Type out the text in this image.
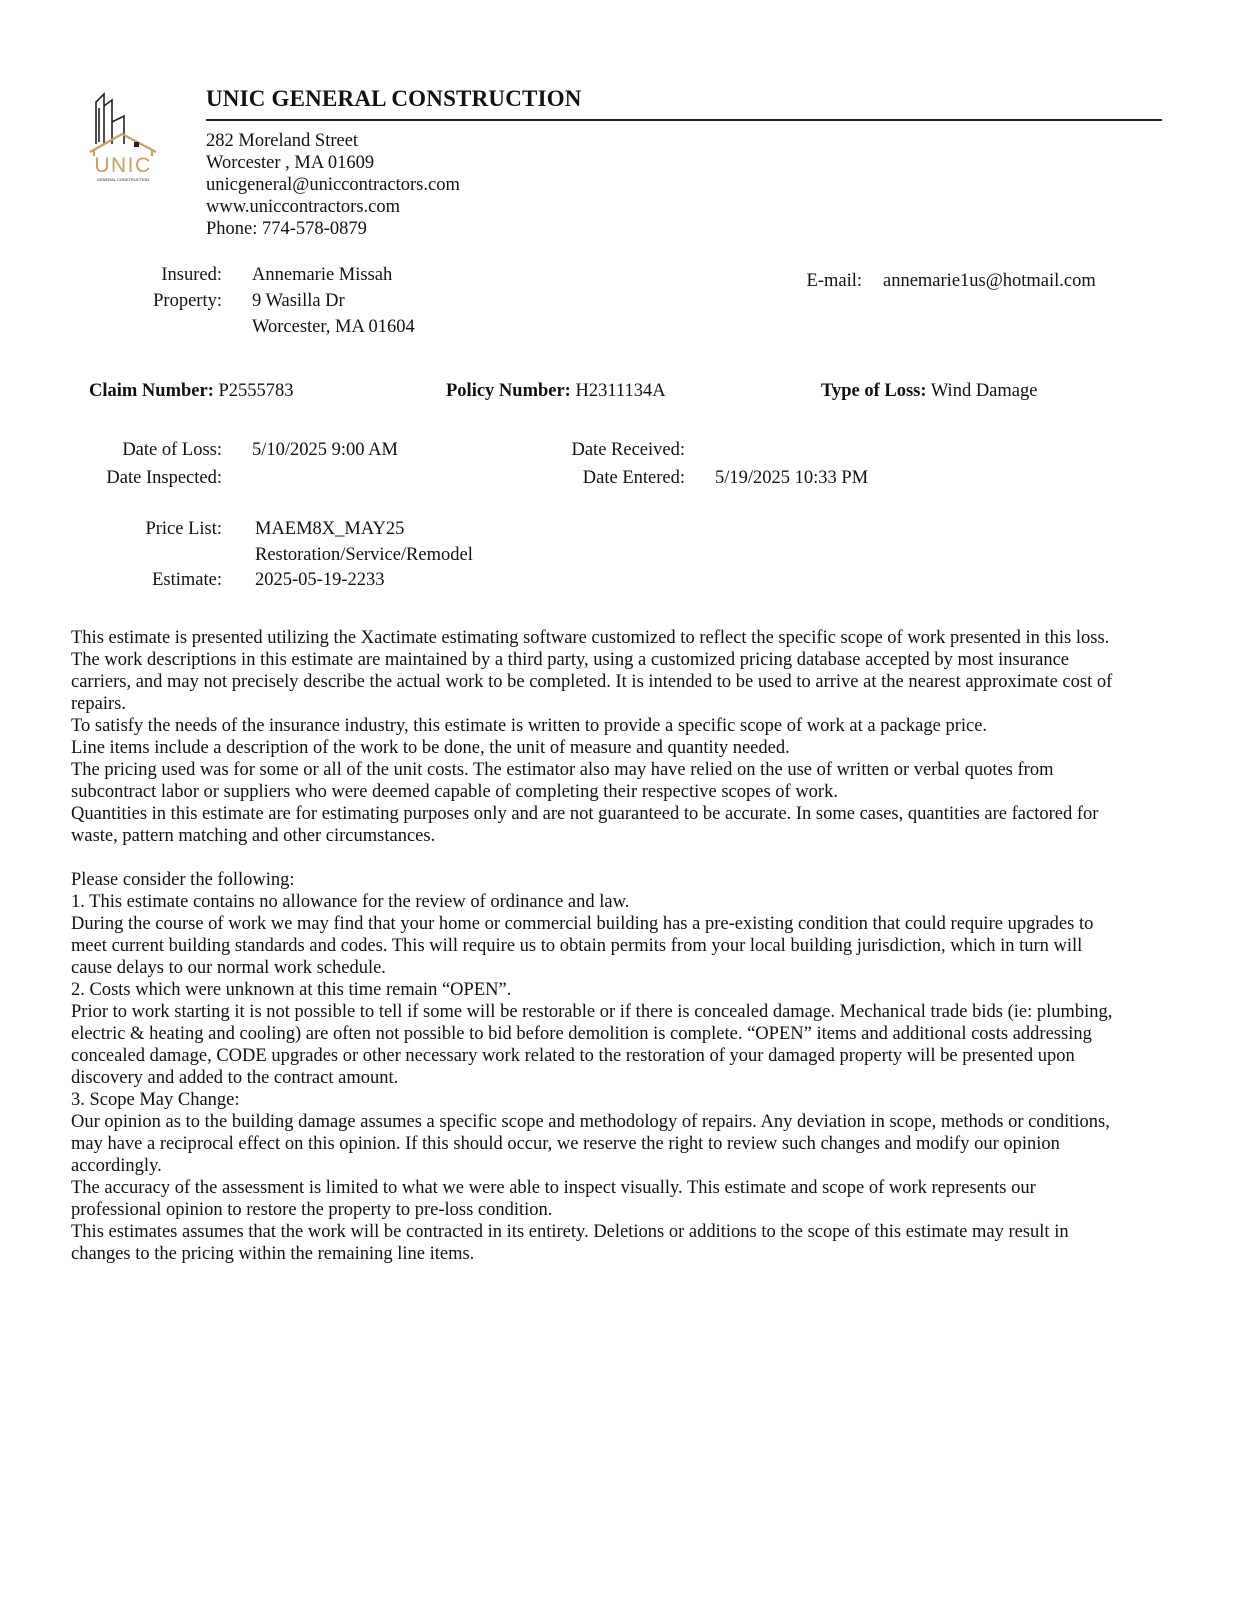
UNIC
GENERAL CONSTRUCTION
UNIC GENERAL CONSTRUCTION
282 Moreland Street
Worcester , MA 01609
unicgeneral@uniccontractors.com
www.uniccontractors.com
Phone: 774-578-0879
Insured: Annemarie Missah
Property: 9 Wasilla Dr
Worcester, MA 01604
E-mail: annemarie1us@hotmail.com
Claim Number: P2555783	Policy Number: H2311134A	Type of Loss: Wind Damage
Date of Loss: 5/10/2025 9:00 AM
Date Inspected:
Date Received:
Date Entered: 5/19/2025 10:33 PM
Price List: MAEM8X_MAY25
Restoration/Service/Remodel
Estimate: 2025-05-19-2233

This estimate is presented utilizing the Xactimate estimating software customized to reflect the specific scope of work presented in this loss.

The work descriptions in this estimate are maintained by a third party, using a customized pricing database accepted by most insurance carriers, and may not precisely describe the actual work to be completed. It is intended to be used to arrive at the nearest approximate cost of repairs.

To satisfy the needs of the insurance industry, this estimate is written to provide a specific scope of work at a package price.

Line items include a description of the work to be done, the unit of measure and quantity needed.

The pricing used was for some or all of the unit costs. The estimator also may have relied on the use of written or verbal quotes from subcontract labor or suppliers who were deemed capable of completing their respective scopes of work.

Quantities in this estimate are for estimating purposes only and are not guaranteed to be accurate. In some cases, quantities are factored for waste, pattern matching and other circumstances.

Please consider the following:

1. This estimate contains no allowance for the review of ordinance and law.

During the course of work we may find that your home or commercial building has a pre-existing condition that could require upgrades to meet current building standards and codes. This will require us to obtain permits from your local building jurisdiction, which in turn will cause delays to our normal work schedule.

2. Costs which were unknown at this time remain “OPEN”.

Prior to work starting it is not possible to tell if some will be restorable or if there is concealed damage. Mechanical trade bids (ie: plumbing, electric & heating and cooling) are often not possible to bid before demolition is complete. “OPEN” items and additional costs addressing concealed damage, CODE upgrades or other necessary work related to the restoration of your damaged property will be presented upon discovery and added to the contract amount.

3. Scope May Change:

Our opinion as to the building damage assumes a specific scope and methodology of repairs. Any deviation in scope, methods or conditions, may have a reciprocal effect on this opinion. If this should occur, we reserve the right to review such changes and modify our opinion accordingly.

The accuracy of the assessment is limited to what we were able to inspect visually. This estimate and scope of work represents our professional opinion to restore the property to pre-loss condition.

This estimates assumes that the work will be contracted in its entirety. Deletions or additions to the scope of this estimate may result in changes to the pricing within the remaining line items.
